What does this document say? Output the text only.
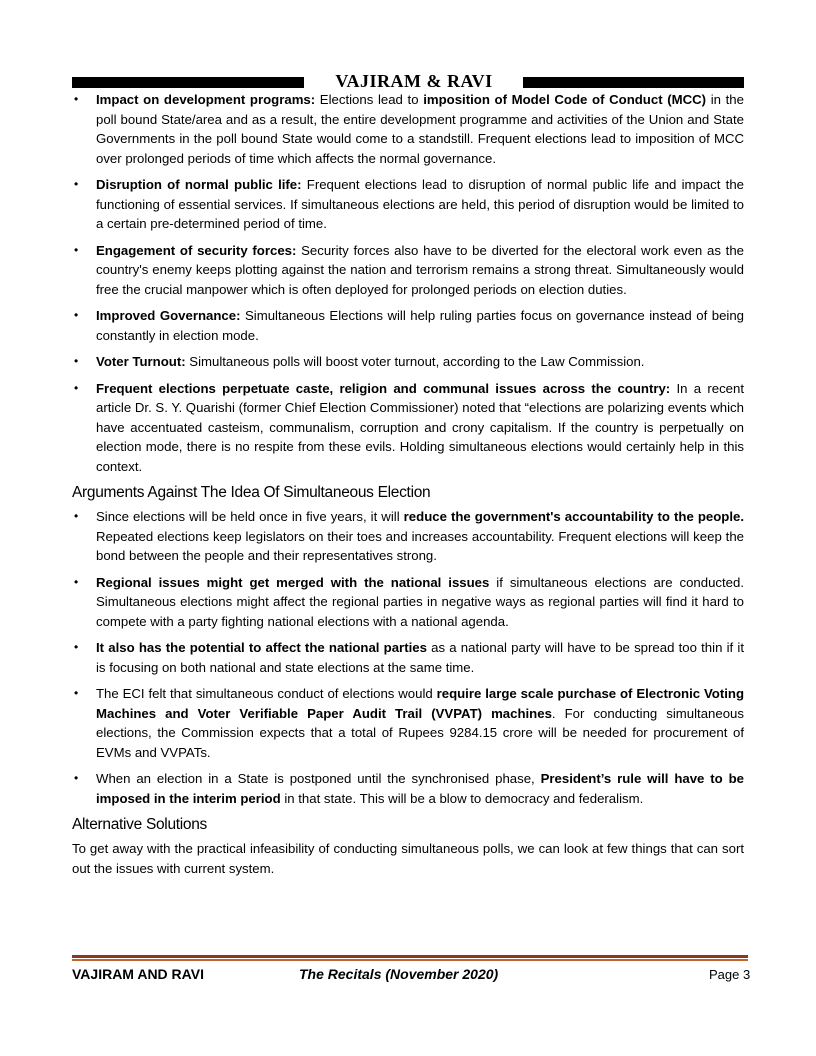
VAJIRAM & RAVI
• Impact on development programs: Elections lead to imposition of Model Code of Conduct (MCC) in the poll bound State/area and as a result, the entire development programme and activities of the Union and State Governments in the poll bound State would come to a standstill. Frequent elections lead to imposition of MCC over prolonged periods of time which affects the normal governance.
• Disruption of normal public life: Frequent elections lead to disruption of normal public life and impact the functioning of essential services. If simultaneous elections are held, this period of disruption would be limited to a certain pre-determined period of time.
• Engagement of security forces: Security forces also have to be diverted for the electoral work even as the country's enemy keeps plotting against the nation and terrorism remains a strong threat. Simultaneously would free the crucial manpower which is often deployed for prolonged periods on election duties.
• Improved Governance: Simultaneous Elections will help ruling parties focus on governance instead of being constantly in election mode.
• Voter Turnout: Simultaneous polls will boost voter turnout, according to the Law Commission.
• Frequent elections perpetuate caste, religion and communal issues across the country: In a recent article Dr. S. Y. Quarishi (former Chief Election Commissioner) noted that “elections are polarizing events which have accentuated casteism, communalism, corruption and crony capitalism. If the country is perpetually on election mode, there is no respite from these evils. Holding simultaneous elections would certainly help in this context.
Arguments Against The Idea Of Simultaneous Election
• Since elections will be held once in five years, it will reduce the government's accountability to the people. Repeated elections keep legislators on their toes and increases accountability. Frequent elections will keep the bond between the people and their representatives strong.
• Regional issues might get merged with the national issues if simultaneous elections are conducted. Simultaneous elections might affect the regional parties in negative ways as regional parties will find it hard to compete with a party fighting national elections with a national agenda.
• It also has the potential to affect the national parties as a national party will have to be spread too thin if it is focusing on both national and state elections at the same time.
• The ECI felt that simultaneous conduct of elections would require large scale purchase of Electronic Voting Machines and Voter Verifiable Paper Audit Trail (VVPAT) machines. For conducting simultaneous elections, the Commission expects that a total of Rupees 9284.15 crore will be needed for procurement of EVMs and VVPATs.
• When an election in a State is postponed until the synchronised phase, President’s rule will have to be imposed in the interim period in that state. This will be a blow to democracy and federalism.
Alternative Solutions

To get away with the practical infeasibility of conducting simultaneous polls, we can look at few things that can sort out the issues with current system.

VAJIRAM AND RAVI	The Recitals (November 2020)	Page 3
